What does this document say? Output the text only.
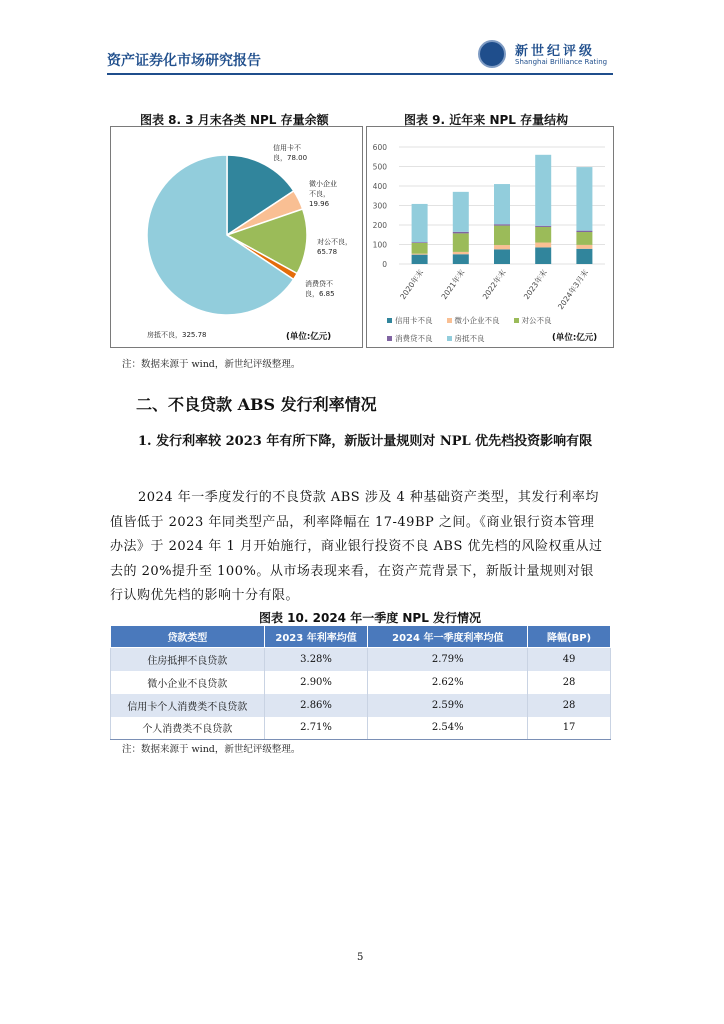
资产证券化市场研究报告
新世纪评级
Shanghai Brilliance Rating
图表 8. 3 月末各类 NPL 存量余额	图表 9. 近年来 NPL 存量结构
信用卡不
良，78.00
微小企业
不良，
19.96
对公不良，
65.78
消费贷不
良，6.85
房抵不良，325.78	(单位:亿元)
600
500
400
300
200
100
0
2020年末 2021年末 2022年末 2023年末 2024年3月末
信用卡不良	微小企业不良	对公不良
消费贷不良	房抵不良	(单位:亿元)
注：数据来源于 wind，新世纪评级整理。
二、不良贷款 ABS 发行利率情况
1. 发行利率较 2023 年有所下降，新版计量规则对 NPL 优先档投资影响有限
2024 年一季度发行的不良贷款 ABS 涉及 4 种基础资产类型，其发行利率均
值皆低于 2023 年同类型产品，利率降幅在 17-49BP 之间。《商业银行资本管理
办法》于 2024 年 1 月开始施行，商业银行投资不良 ABS 优先档的风险权重从过
去的 20%提升至 100%。从市场表现来看，在资产荒背景下，新版计量规则对银
行认购优先档的影响十分有限。
图表 10. 2024 年一季度 NPL 发行情况
贷款类型	2023 年利率均值	2024 年一季度利率均值	降幅(BP)
住房抵押不良贷款	3.28%	2.79%	49
微小企业不良贷款	2.90%	2.62%	28
信用卡个人消费类不良贷款	2.86%	2.59%	28
个人消费类不良贷款	2.71%	2.54%	17
注：数据来源于 wind，新世纪评级整理。
5
